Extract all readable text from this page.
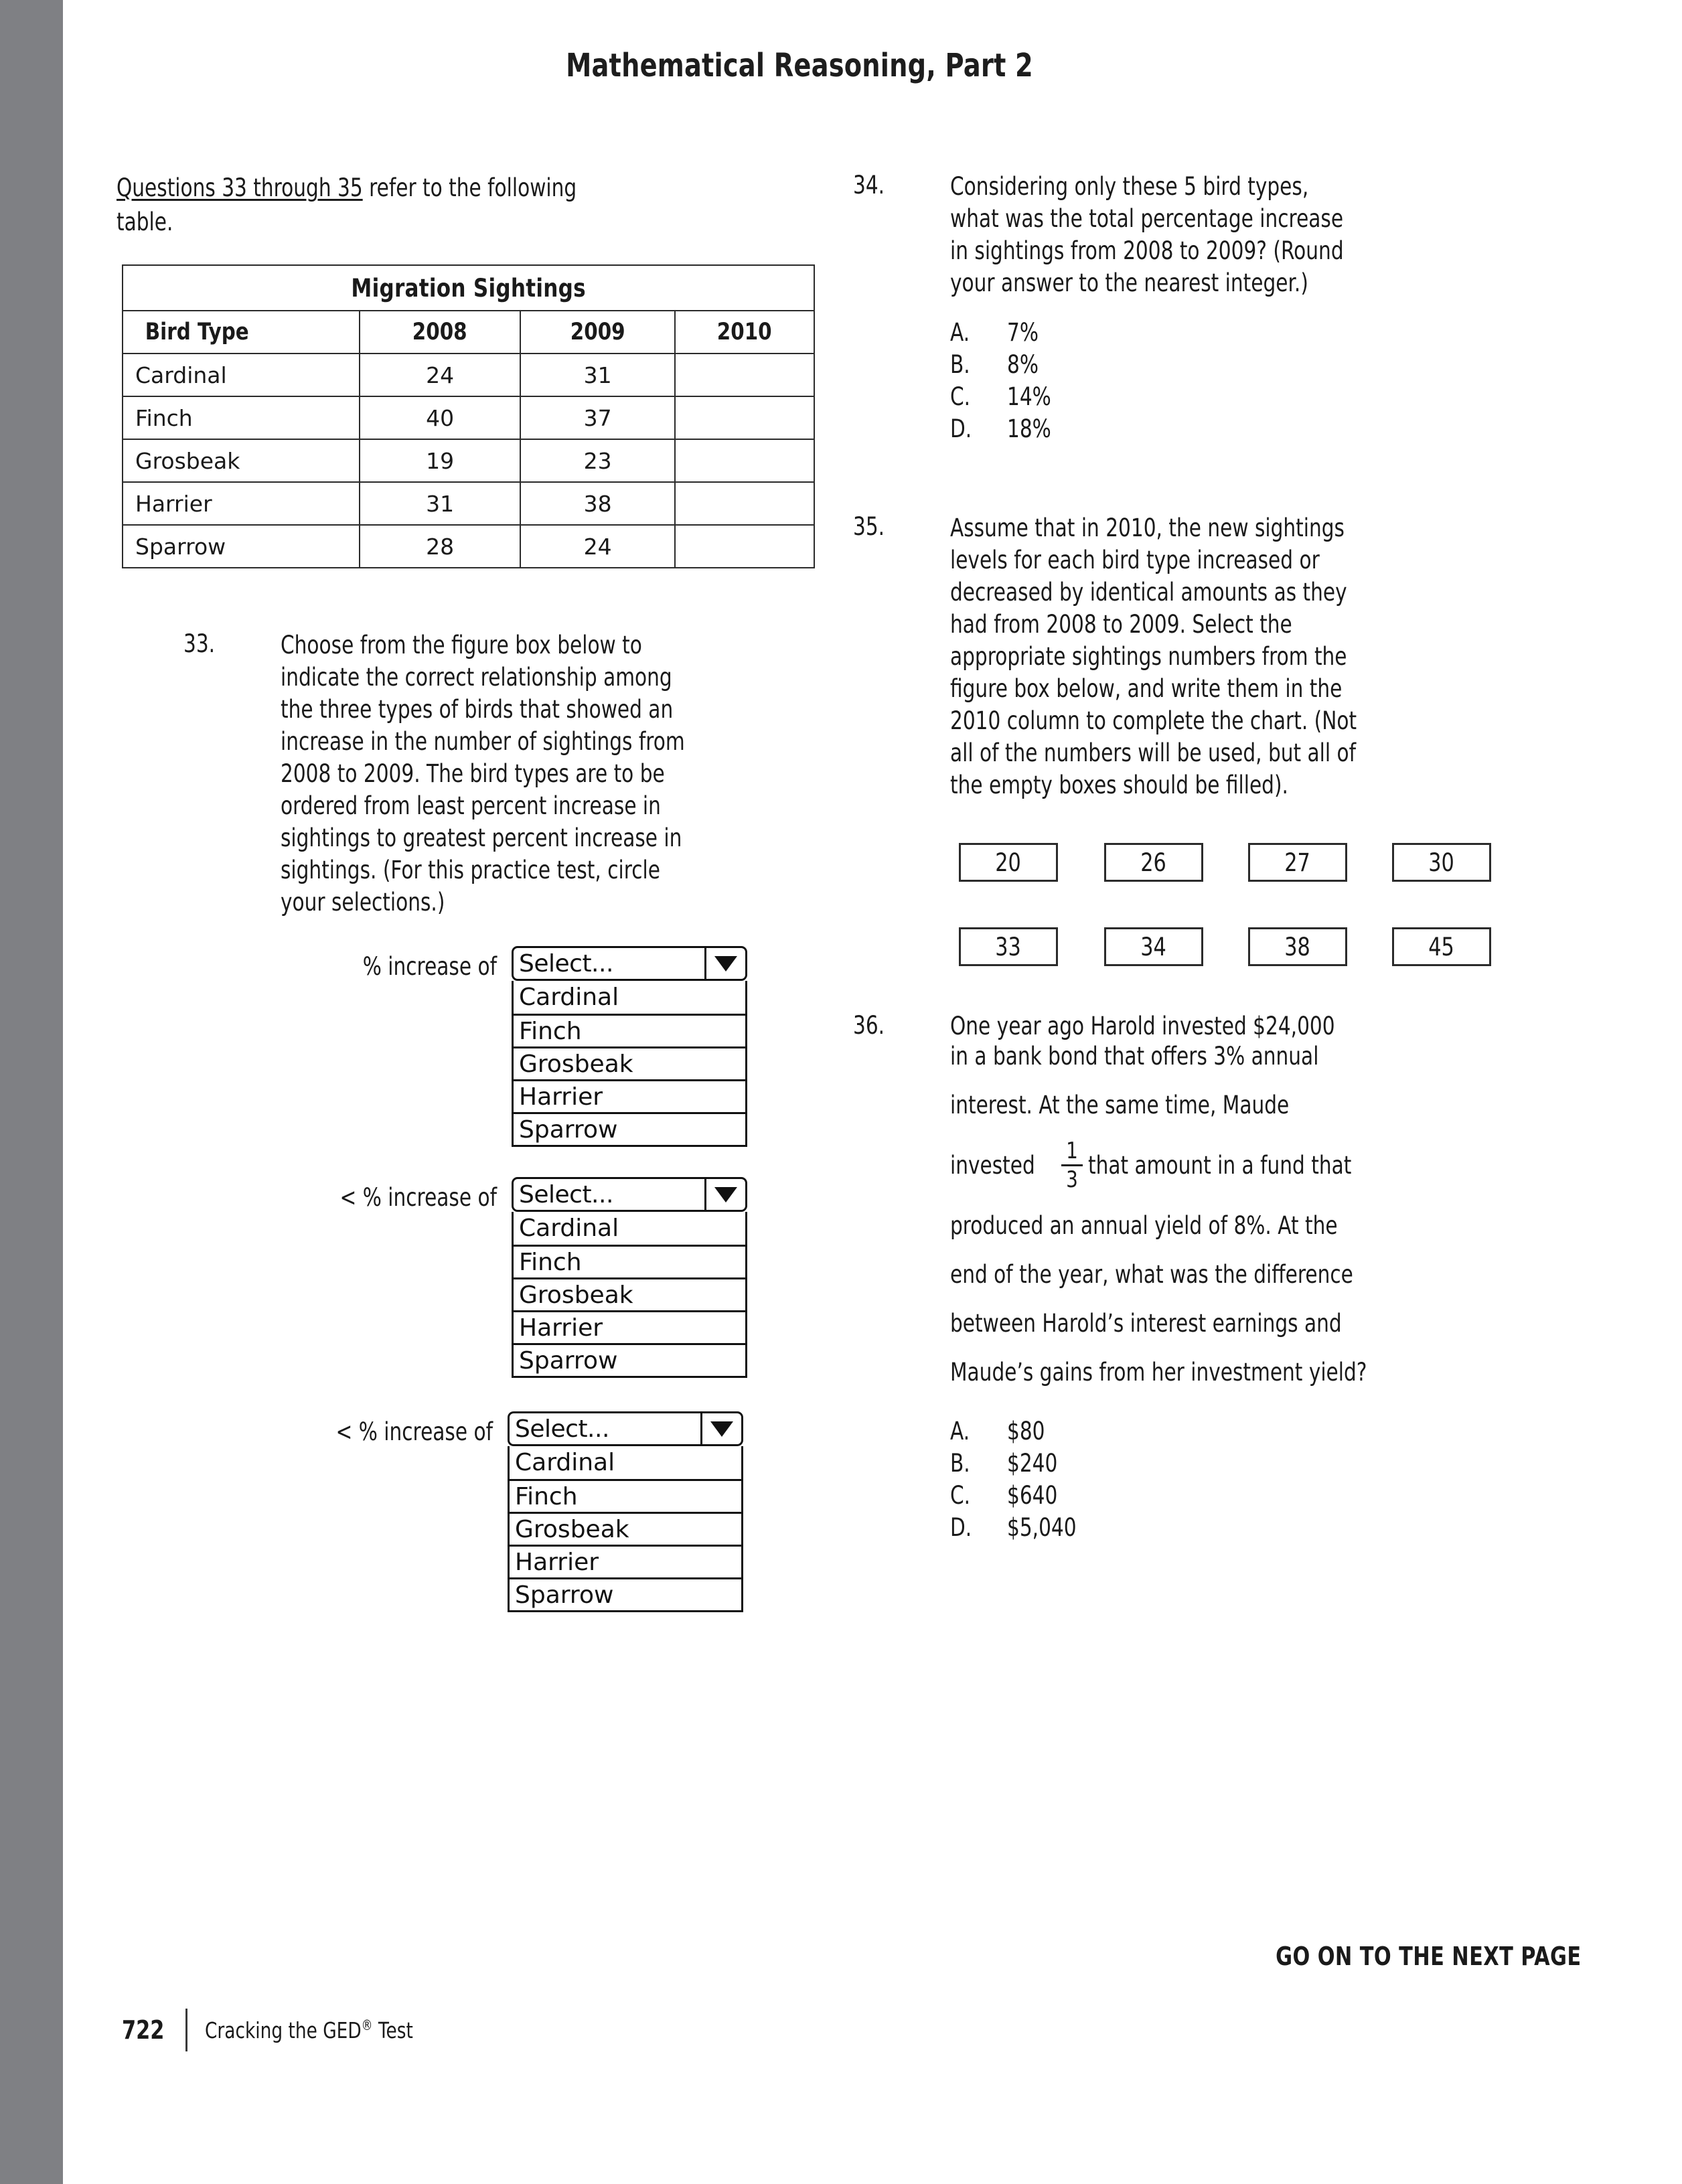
Mathematical Reasoning, Part 2
Questions 33 through 35 refer to the following
table.
Migration Sightings			
Bird Type	2008	2009	2010
Cardinal	24	31	
Finch	40	37	
Grosbeak	19	23	
Harrier	31	38	
Sparrow	28	24	
33.	Choose from the figure box below to
indicate the correct relationship among
the three types of birds that showed an
increase in the number of sightings from
2008 to 2009. The bird types are to be
ordered from least percent increase in
sightings to greatest percent increase in
sightings. (For this practice test, circle
your selections.)
% increase of Select...
Cardinal
Finch
Grosbeak
Harrier
Sparrow
< % increase of Select...
Cardinal
Finch
Grosbeak
Harrier
Sparrow
< % increase of Select...
Cardinal
Finch
Grosbeak
Harrier
Sparrow
34.	Considering only these 5 bird types,
what was the total percentage increase
in sightings from 2008 to 2009? (Round
your answer to the nearest integer.)
A. 7%
B. 8%
C. 14%
D. 18%
35.	Assume that in 2010, the new sightings
levels for each bird type increased or
decreased by identical amounts as they
had from 2008 to 2009. Select the
appropriate sightings numbers from the
figure box below, and write them in the
2010 column to complete the chart. (Not
all of the numbers will be used, but all of
the empty boxes should be filled).
20	26	27	30
33	34	38	45
36.	One year ago Harold invested $24,000
in a bank bond that offers 3% annual
interest. At the same time, Maude
invested $\frac{1}{3}$ that amount in a fund that
produced an annual yield of 8%. At the
end of the year, what was the difference
between Harold’s interest earnings and
Maude’s gains from her investment yield?
A. $80
B. $240
C. $640
D. $5,040
GO ON TO THE NEXT PAGE
722 Cracking the GED® Test
